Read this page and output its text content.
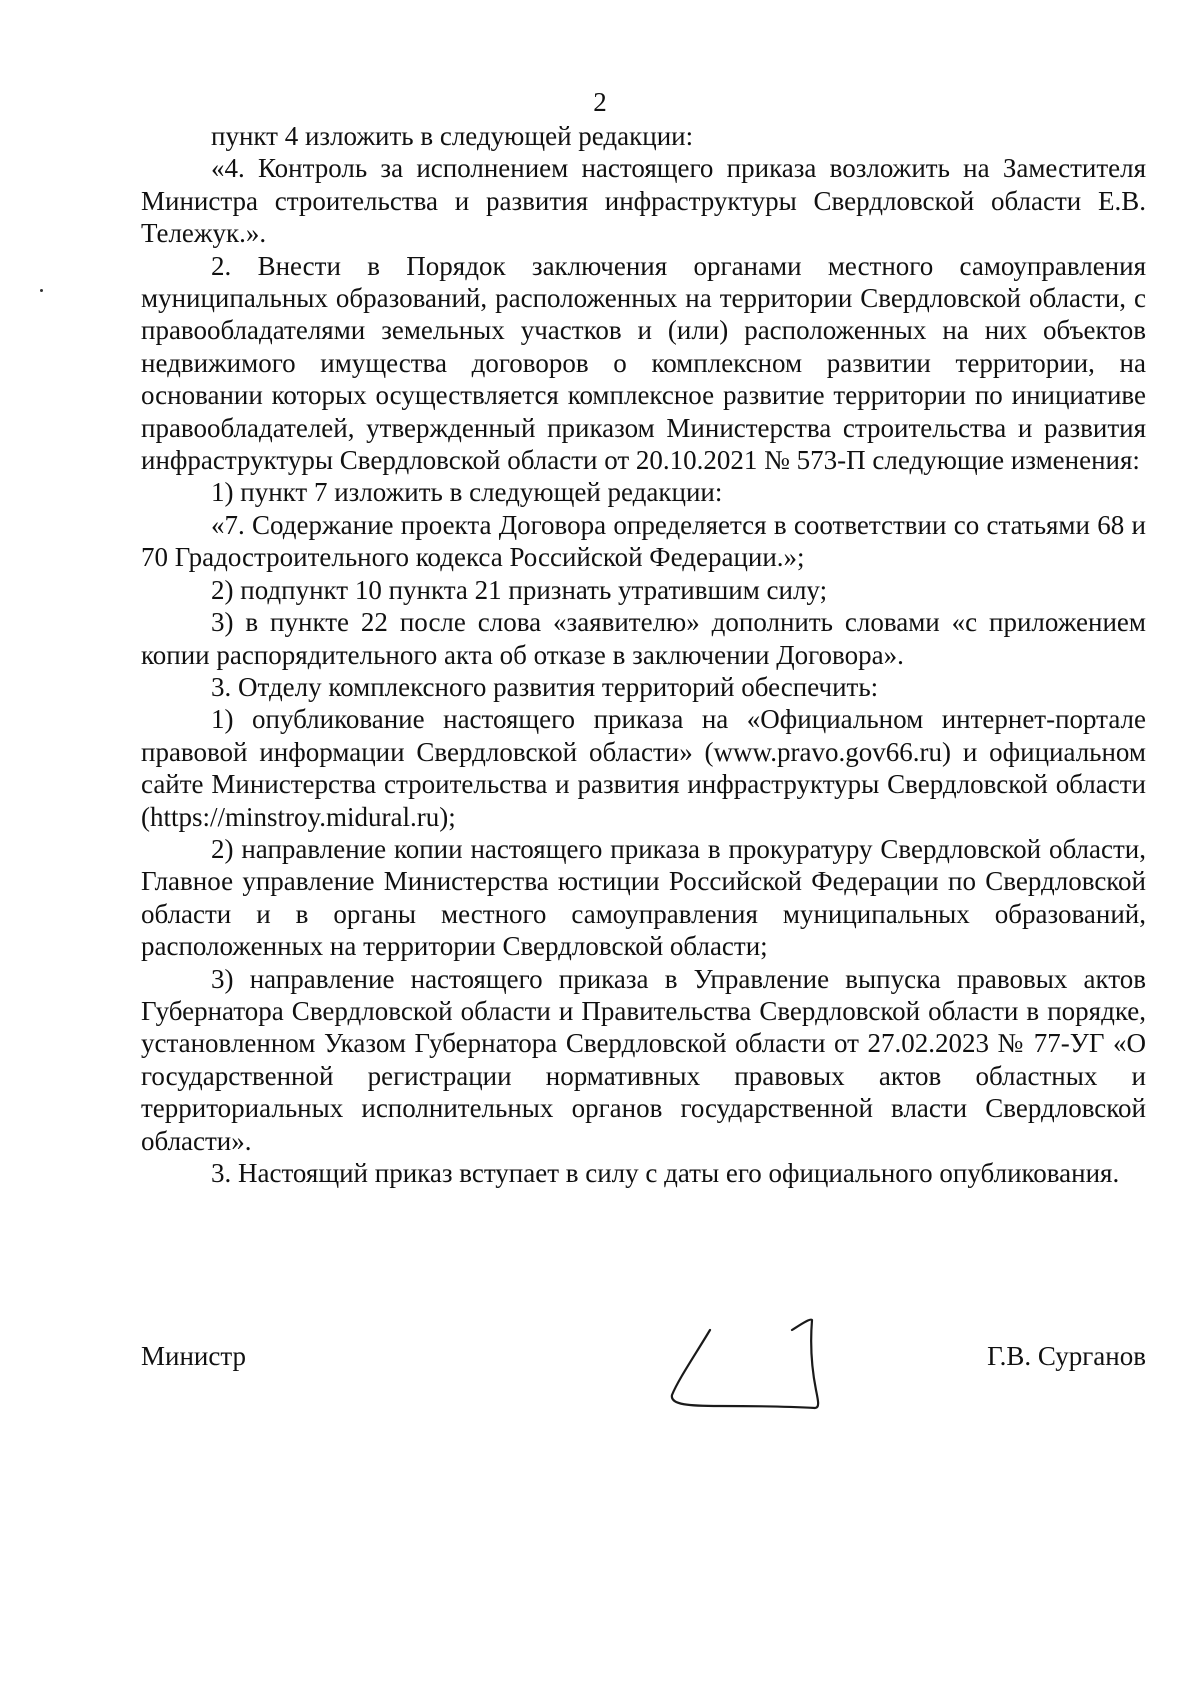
2

пункт 4 изложить в следующей редакции:

«4. Контроль за исполнением настоящего приказа возложить на Заместителя Министра строительства и развития инфраструктуры Свердловской области Е.В. Тележук.».

2. Внести в Порядок заключения органами местного самоуправления муниципальных образований, расположенных на территории Свердловской области, с правообладателями земельных участков и (или) расположенных на них объектов недвижимого имущества договоров о комплексном развитии территории, на основании которых осуществляется комплексное развитие территории по инициативе правообладателей, утвержденный приказом Министерства строительства и развития инфраструктуры Свердловской области от 20.10.2021 № 573-П следующие изменения:

1) пункт 7 изложить в следующей редакции:

«7. Содержание проекта Договора определяется в соответствии со статьями 68 и 70 Градостроительного кодекса Российской Федерации.»;

2) подпункт 10 пункта 21 признать утратившим силу;

3) в пункте 22 после слова «заявителю» дополнить словами «с приложением копии распорядительного акта об отказе в заключении Договора».

3. Отделу комплексного развития территорий обеспечить:

1) опубликование настоящего приказа на «Официальном интернет-портале правовой информации Свердловской области» (www.pravo.gov66.ru) и официальном сайте Министерства строительства и развития инфраструктуры Свердловской области (https://minstroy.midural.ru);

2) направление копии настоящего приказа в прокуратуру Свердловской области, Главное управление Министерства юстиции Российской Федерации по Свердловской области и в органы местного самоуправления муниципальных образований, расположенных на территории Свердловской области;

3) направление настоящего приказа в Управление выпуска правовых актов Губернатора Свердловской области и Правительства Свердловской области в порядке, установленном Указом Губернатора Свердловской области от 27.02.2023 № 77-УГ «О государственной регистрации нормативных правовых актов областных и территориальных исполнительных органов государственной власти Свердловской области».

3. Настоящий приказ вступает в силу с даты его официального опубликования.

Министр	Г.В. Сурганов
